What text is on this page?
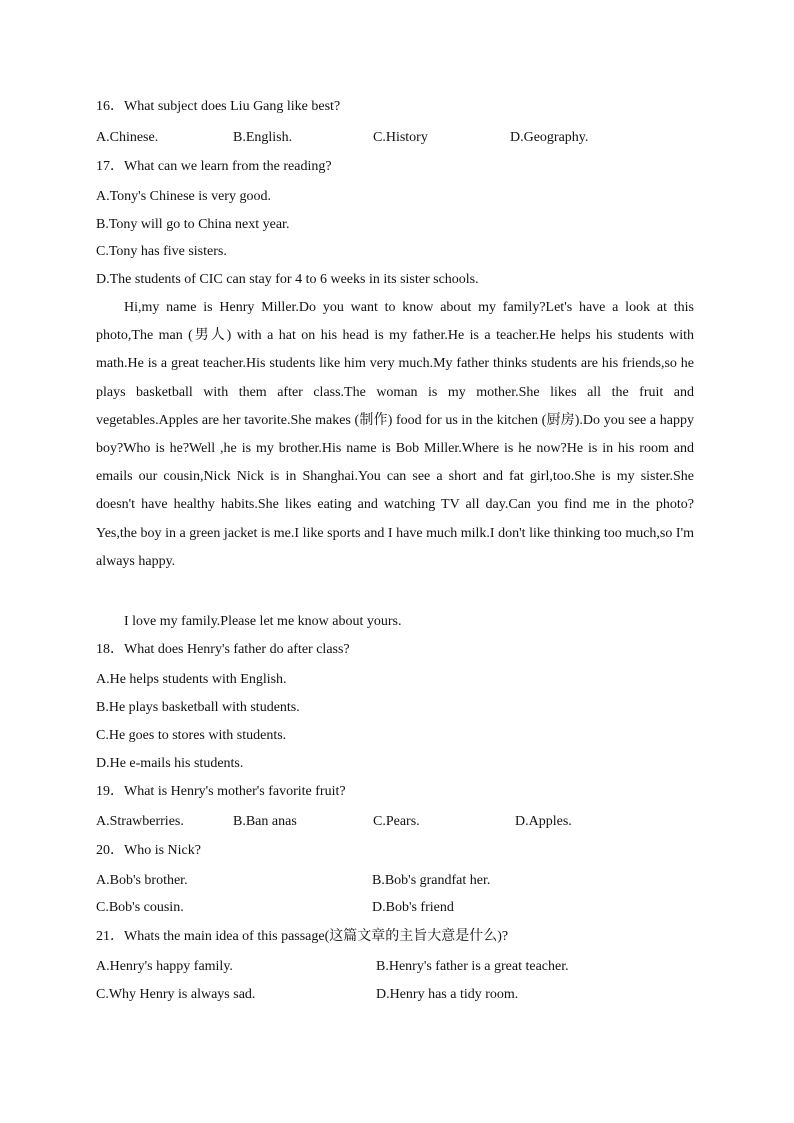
16．What subject does Liu Gang like best?
A.Chinese.	B.English.	C.History	D.Geography.
17．What can we learn from the reading?
A.Tony's Chinese is very good.
B.Tony will go to China next year.
C.Tony has five sisters.
D.The students of CIC can stay for 4 to 6 weeks in its sister schools.
Hi,my name is Henry Miller.Do you want to know about my family?Let's have a look at this photo,The man (男人) with a hat on his head is my father.He is a teacher.He helps his students with math.He is a great teacher.His students like him very much.My father thinks students are his friends,so he plays basketball with them after class.The woman is my mother.She likes all the fruit and vegetables.Apples are her tavorite.She makes (制作) food for us in the kitchen (厨房).Do you see a happy boy?Who is he?Well ,he is my brother.His name is Bob Miller.Where is he now?He is in his room and emails our cousin,Nick Nick is in Shanghai.You can see a short and fat girl,too.She is my sister.She doesn't have healthy habits.She likes eating and watching TV all day.Can you find me in the photo?Yes,the boy in a green jacket is me.I like sports and I have much milk.I don't like thinking too much,so I'm always happy.
I love my family.Please let me know about yours.
18．What does Henry's father do after class?
A.He helps students with English.
B.He plays basketball with students.
C.He goes to stores with students.
D.He e-mails his students.
19．What is Henry's mother's favorite fruit?
A.Strawberries.	B.Ban anas	C.Pears.	D.Apples.
20．Who is Nick?
A.Bob's brother.	B.Bob's grandfat her.
C.Bob's cousin.	D.Bob's friend
21．Whats the main idea of this passage(这篇文章的主旨大意是什么)?
A.Henry's happy family.	B.Henry's father is a great teacher.
C.Why Henry is always sad.	D.Henry has a tidy room.
